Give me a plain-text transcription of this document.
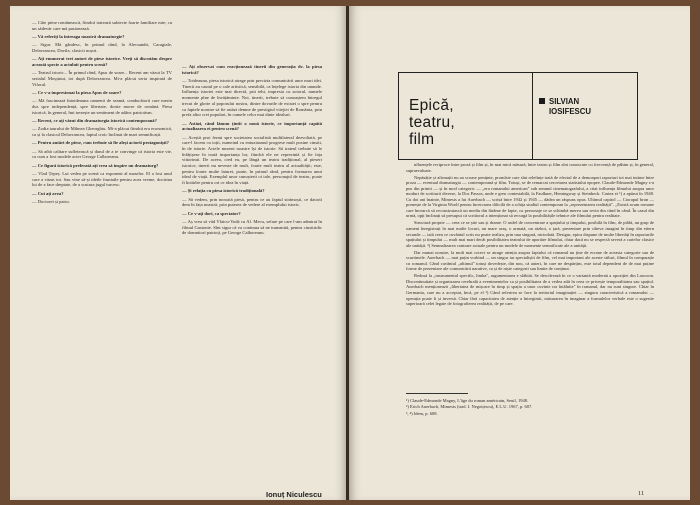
— Câte piese românească, fiindcă tratează subiecte foarte familiare mie; cu un sădevăr care mă pasionează.

— Vă referiți la întreaga noastră dramaturgie?

— Sigur. Mă gândesc, în primul rând, la Alecsandri, Caragiale, Delavrancea, Davila, clasicii noștri.

— Ați enumerat trei autori de piese istorice. Vreți să discutăm despre această specie a actuluit pentru scenă?

— Teatrul istoric... În primul rând, Apus de soare... Recent am văzut la TV serialul Moșșinui, tot după Delavrancea. Mi-a plăcut seria inspirată de Viforul.

— Ce v-a impresionat la piesa Apus de soare?

— Mă fascinează întotdeauna oamenii de seamă, conducătorii care merin dus spre independență, spre libertate, dorite morre de română. Piesa istorică, în general, îmi trezește un sentiment de adânc patriotism.

— Recent, ce ați văzut din dramaturgia istorică contemporană?

— Zodia taurului de Mihnea Gheorghiu. Mi-a plăcut fiindcă era economică, ca și la clasicul Delavrancea, faptul croic înclinat de mari semnificații.

— Pentru autări de piese, cum trebuie să fie aleși actorii protagoniști?

— Să aibă calitare sufletească și darul de a te convinge că istoria este vie, ca cum a fost modele acter George Calboreanu.

— Ce figură istorică preferată ați vrea să inspire un dramaturg?

— Vlad Țepeș. Lui vedea pe scenă ca exponent al maselor. El a fost unul care a văzut tot. Sau vine să-și ideile fruntaile pentru acea vreme, doctrina lui de a face dreptate, de a scutura jugul turcesc.

— Cui ați avea?

— Doctorei și patru.

— Ați observat cum reacționează tinerii din generația dv. la piesa istorică?

— Totdeauna, piesa istorică atrage prin precizia comunicării unor mari idei. Tinerii au cautul pe o cale artistică, sensibilă, ca înțelege istoria din ununde. Influența istoriei este mai directă, prit tehi, impresia cu actorul, numele momente plne de învățăminte. Noi, tinerii, trebuie să cunoaștem întregul trecut de glorie al poporului nostru, dintre dovarile de existet o spre pentru ca faptele noastre să fie astăzi demne de prestigiul vitejiei de România, prin prefa altor crei populari, în cumele celor mai dinte idealuri.

— Astăzi, când lămuu țintit o nouă istorie, ce importanță capătă actualizarea ei pentru scenă?

— Aceștii proi fermi spre societatea socialistă multilateral dezvoltată, pe care-l facem cu toții, numeind cu entuziasmul progrese mult posine cinstit, în de istorie. Actele mureni noastre își de istorie. Să trateul trebuie să le înfățișeze în toată importanța lor, fiindcă ele ne reprezintă și fie fața viitorimii. De aceea, cred eu, pe lângă un teatru tradițional, al pieseri istorice, tinerii nu neveste de mult, foarte mult teatru al actualității; este, pentru foarte multe laturei, poate, în primul rând, pentru formarea unui ideal de viață. Exemplul unor cunoșterii oi tale, personajul de teatru, poate fi hotărîre pentru ori ce idea în viață.

— Și relația cu piesa istorică tradițională?

— Să vedem, prin noroată piesă, pentru ce au faptul strămoșii, ce datorii dem în fața noastră, prin puterea de vedere al exemplului istoric.

— Ce v-ați dori, ca spectator?

— Aș vrea să văd Vlaicu-Vodă cu Al. Mecu, sefare pe care l-am admirat în filmul Gastonie. Sînt sigur că va continua să ne transmită, pentru cinstiridic de domnitorí patrioți, pe George Calboreanu.

Ionuț Niculescu
Epică,
teatru,
film
SILVIAN
IOSIFESCU

nfluențele reciproce între proză și film și, în mai mică măsură, între teatru și film sînt cunoscute cu frecvență de păbim și, în general, supraevaluate.

Nepăsăție și afirmații nu au scoase penițnte, promîsie care sînt relefințe trată de efectul de a demoapori raporturi tot mai intime între proza — eventual dramaturgia — contemporană și film. Totuși, se de remarcat cercetarea statistului epopee. Claude-Edmonde Magny s-a pus din primii — și în mod categoric — „era romanului american" sub semnul cinematografului, a citat influența filmului asupra unor moduri de scriiturii diverse, la Dos Passos, unde e greu contestabilă, la Faulkner, Hemingway și Steinbeck. Cartea ei ¹) a apărut în 1948. Cu doi ani înainte, Mimesis a lui Auerbach — scrisă între 1942 și 1945 — dădea un răspuns opus. Ultimul capitol — Ciorapul brun — pornește de la Virginia Woolf pentru încercarea dificilă de a schița studiul contemporan la „reprezentarea realității". „Există acum romane care încearcă să reconstruiască un mediu din fărâme de fapte, cu personaje ce se schimbă mereu sau revin din când în când. În cazul din urmă, opți înclinați să presupui că scriitorul a intenționat să recurgă la posibilitățile tehnice ale filmului pentru realitate.

Structură proprie — ceea ce se știe sau și drame. O astfel de concentrare a spațiului și timpului, posibilă în film, de pildă, un grup de oameni înregistrați în mai multe locuri, un mare oraș, o armată, un război, o țară, prezentare prin câteva imagini în timp din ettern secunde — iată ceea ce cuvântul scris nu poate realiza, prin una singură, niciodată. Desigur, epica dispune de multe libertăți în raporturile spațiului și timpului — mult mai mari decât posibilitatea teatrului de aportăre filmului, chiar dacă nu se respectă severă a cartelor clasice ale unității. ²) Semnalizarea contrare actuale pentru un modele de momente semnificate ale a unității.

Dar numai noastre, la mult mai corect se atrage atenția asupra faptului că romanul nu ține de ecrane de aceasta categorie sau de scurtimele. Auerbach — mai puțin vorbind — un singur iar specialiștii de film, cel mai important ale aceste stiluri, filmul în comparație cu romanul. Când cuvântul „ultimul" totuși dovedește, din nou, că auteri, în care ne despărțim, este totul dependent de de mai puține forme de prezentare ale comunicării narative, ca și de niște categorii sau limite de conținut.

Redusă la „instrumentul specific, limba", argumentarea e slăbită. Se descifrează în ce o variantă modernă a opoziției din Laocoon. Discontinuitate și organizarea cerebrală a evenimentelor ca și posibilitatea de a vedea atât în ceea ce privește temporalitatea sau spațiul. Auerbach menționează „libertatea de mișcare în timp și spațiu a unor cuvinte rar întâlnite" în romanul, dar nu sunt singure. Chiar în Germania, care nu a acceptat, încă, pe el ³) Când referirea se face la teritoriul imaginației — singura caracteristică a romanului — operația poate fi și inversă. Chiar fără capacitatea de atenție a întregimii, măsurarea în imaginar a formulelor verbale este o sugestie superioară celei legate de fotografierea realității, de pe care.

¹) Claude-Edmonde Magny, L'âge du roman américain, Seuil, 1948.

²) Erich Auerbach, Mimesis (trad. I. Negoițescu), E.L.U. 1967, p. 607.

³, ⁴) Idem, p. 608.

11
